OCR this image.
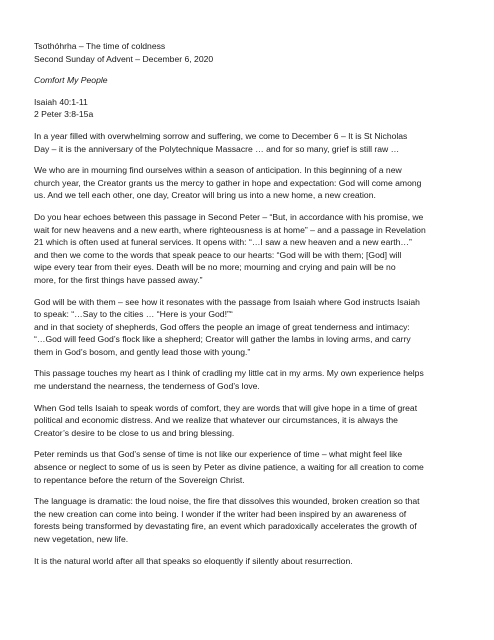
Tsothóhrha – The time of coldness
Second Sunday of Advent – December 6, 2020
Comfort My People
Isaiah 40:1-11
2 Peter 3:8-15a
In a year filled with overwhelming sorrow and suffering, we come to December 6 – It is St Nicholas
Day – it is the anniversary of the Polytechnique Massacre … and for so many, grief is still raw …
We who are in mourning find ourselves within a season of anticipation. In this beginning of a new
church year, the Creator grants us the mercy to gather in hope and expectation: God will come among
us. And we tell each other, one day, Creator will bring us into a new home, a new creation.
Do you hear echoes between this passage in Second Peter – “But, in accordance with his promise, we
wait for new heavens and a new earth, where righteousness is at home” – and a passage in Revelation
21 which is often used at funeral services. It opens with: “…I saw a new heaven and a new earth…”
and then we come to the words that speak peace to our hearts: “God will be with them; [God] will
wipe every tear from their eyes. Death will be no more; mourning and crying and pain will be no
more, for the first things have passed away.”
God will be with them – see how it resonates with the passage from Isaiah where God instructs Isaiah
to speak: “…Say to the cities … “Here is your God!”“
and in that society of shepherds, God offers the people an image of great tenderness and intimacy:
“…God will feed God’s flock like a shepherd; Creator will gather the lambs in loving arms, and carry
them in God’s bosom, and gently lead those with young.”
This passage touches my heart as I think of cradling my little cat in my arms. My own experience helps
me understand the nearness, the tenderness of God’s love.
When God tells Isaiah to speak words of comfort, they are words that will give hope in a time of great
political and economic distress. And we realize that whatever our circumstances, it is always the
Creator’s desire to be close to us and bring blessing.
Peter reminds us that God’s sense of time is not like our experience of time – what might feel like
absence or neglect to some of us is seen by Peter as divine patience, a waiting for all creation to come
to repentance before the return of the Sovereign Christ.
The language is dramatic: the loud noise, the fire that dissolves this wounded, broken creation so that
the new creation can come into being. I wonder if the writer had been inspired by an awareness of
forests being transformed by devastating fire, an event which paradoxically accelerates the growth of
new vegetation, new life.
It is the natural world after all that speaks so eloquently if silently about resurrection.
